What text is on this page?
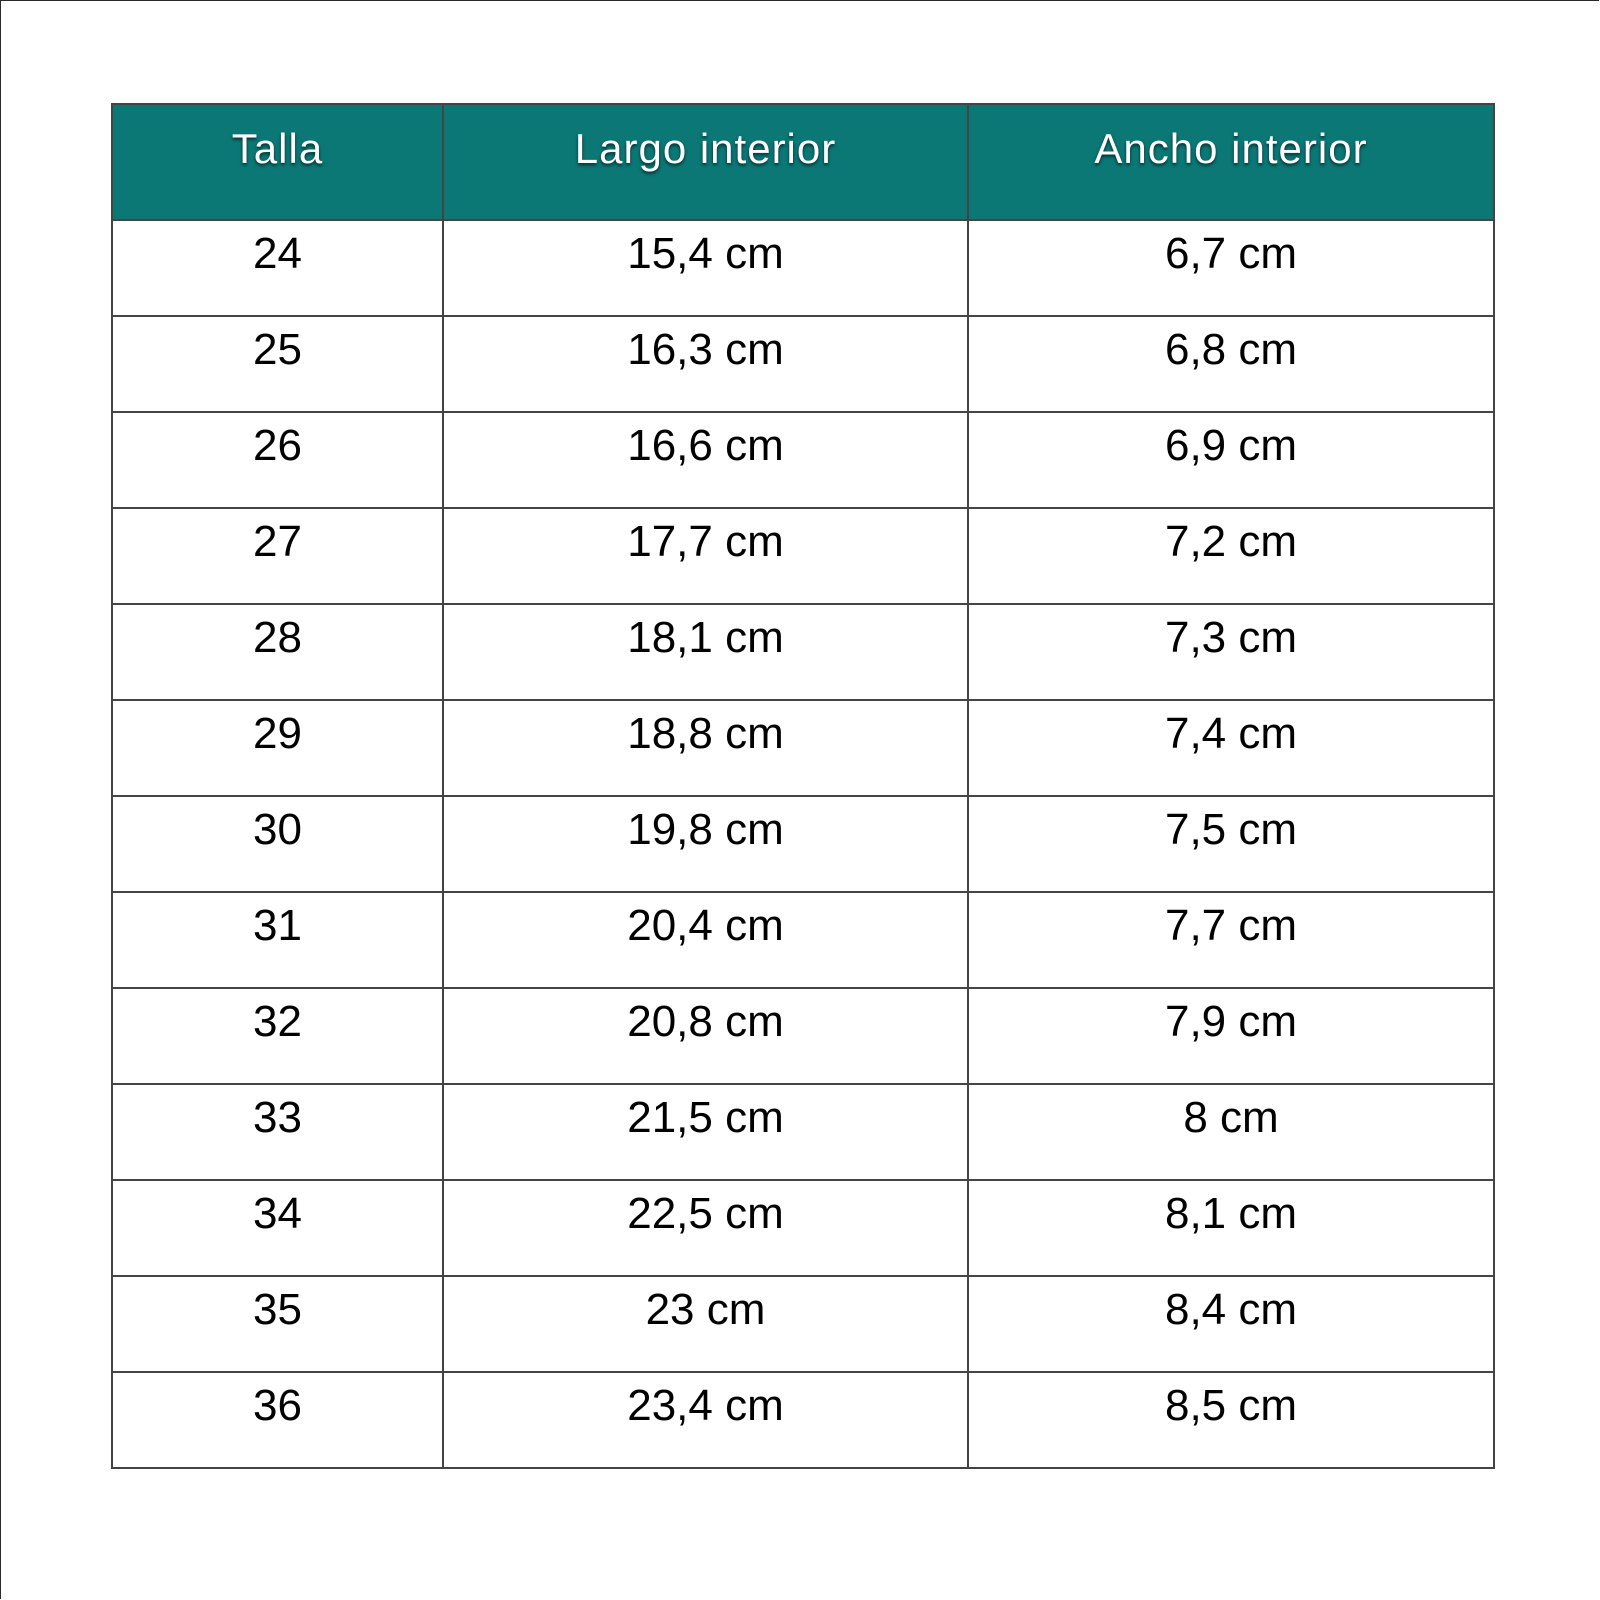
Talla	Largo interior	Ancho interior
24	15,4 cm	6,7 cm
25	16,3 cm	6,8 cm
26	16,6 cm	6,9 cm
27	17,7 cm	7,2 cm
28	18,1 cm	7,3 cm
29	18,8 cm	7,4 cm
30	19,8 cm	7,5 cm
31	20,4 cm	7,7 cm
32	20,8 cm	7,9 cm
33	21,5 cm	8 cm
34	22,5 cm	8,1 cm
35	23 cm	8,4 cm
36	23,4 cm	8,5 cm
